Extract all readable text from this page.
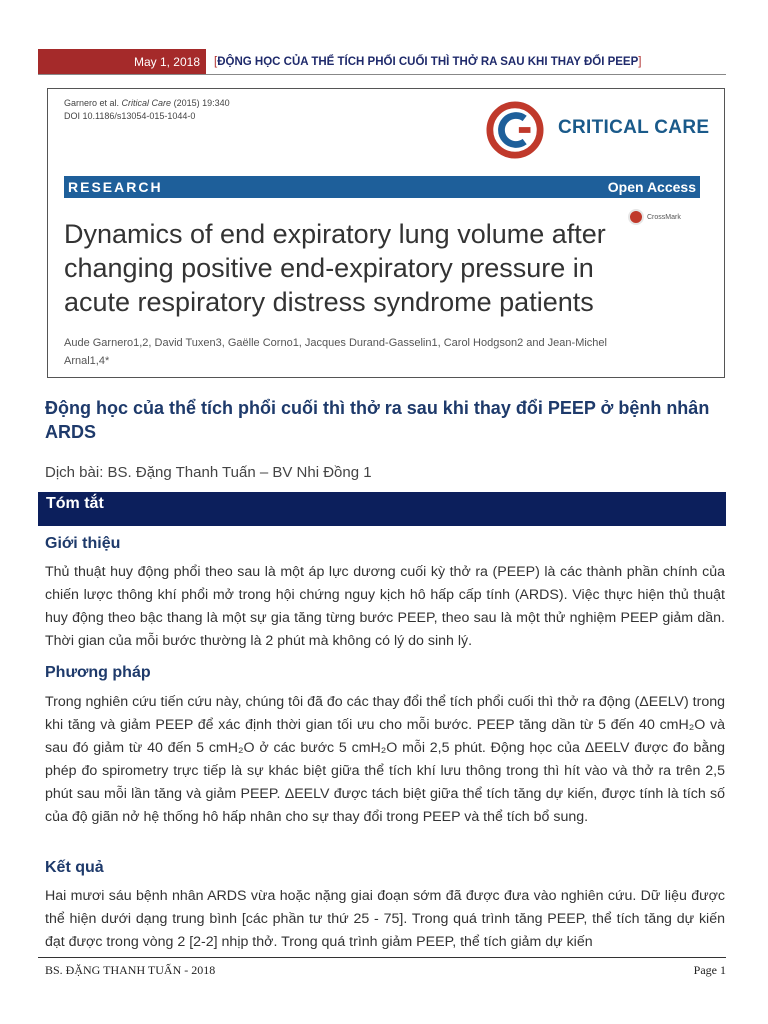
May 1, 2018	[ ĐỘNG HỌC CỦA THỂ TÍCH PHỔI CUỐI THÌ THỞ RA SAU KHI THAY ĐỔI PEEP ]
Garnero et al. Critical Care (2015) 19:340
DOI 10.1186/s13054-015-1044-0
CRITICAL CARE
RESEARCH	Open Access
CrossMark
Dynamics of end expiratory lung volume after changing positive end-expiratory pressure in acute respiratory distress syndrome patients
Aude Garnero1,2, David Tuxen3, Gaëlle Corno1, Jacques Durand-Gasselin1, Carol Hodgson2 and Jean-Michel Arnal1,4*
Động học của thể tích phổi cuối thì thở ra sau khi thay đổi PEEP ở bệnh nhân ARDS
Dịch bài: BS. Đặng Thanh Tuấn – BV Nhi Đồng 1
Tóm tắt
Giới thiệu
Thủ thuật huy động phổi theo sau là một áp lực dương cuối kỳ thở ra (PEEP) là các thành phần chính của chiến lược thông khí phổi mở trong hội chứng nguy kịch hô hấp cấp tính (ARDS). Việc thực hiện thủ thuật huy động theo bậc thang là một sự gia tăng từng bước PEEP, theo sau là một thử nghiệm PEEP giảm dần. Thời gian của mỗi bước thường là 2 phút mà không có lý do sinh lý.
Phương pháp
Trong nghiên cứu tiến cứu này, chúng tôi đã đo các thay đổi thể tích phổi cuối thì thở ra động (ΔEELV) trong khi tăng và giảm PEEP để xác định thời gian tối ưu cho mỗi bước. PEEP tăng dần từ 5 đến 40 cmH₂O và sau đó giảm từ 40 đến 5 cmH₂O ở các bước 5 cmH₂O mỗi 2,5 phút. Động học của ΔEELV được đo bằng phép đo spirometry trực tiếp là sự khác biệt giữa thể tích khí lưu thông trong thì hít vào và thở ra trên 2,5 phút sau mỗi lần tăng và giảm PEEP. ΔEELV được tách biệt giữa thể tích tăng dự kiến, được tính là tích số của độ giãn nở hệ thống hô hấp nhân cho sự thay đổi trong PEEP và thể tích bổ sung.
Kết quả
Hai mươi sáu bệnh nhân ARDS vừa hoặc nặng giai đoạn sớm đã được đưa vào nghiên cứu. Dữ liệu được thể hiện dưới dạng trung bình [các phần tư thứ 25 - 75]. Trong quá trình tăng PEEP, thể tích tăng dự kiến đạt được trong vòng 2 [2-2] nhịp thở. Trong quá trình giảm PEEP, thể tích giảm dự kiến
BS. ĐẶNG THANH TUẤN - 2018	Page 1
